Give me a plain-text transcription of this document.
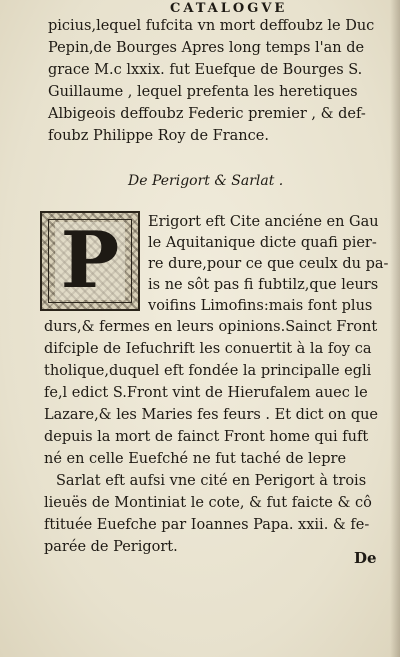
CATALOGVE
picius,lequel fufcita vn mort deffoubz le Duc
Pepin,de Bourges Apres long temps l'an de
grace M.c lxxix. fut Euefque de Bourges S.
Guillaume , lequel prefenta les heretiques
Albigeois deffoubz Federic premier , & def-
foubz Philippe Roy de France.
De Perigort & Sarlat .
P	Erigort eft Cite anciéne en Gau
le Aquitanique dicte quafi pier-
re dure,pour ce que ceulx du pa-
is ne sôt pas fi fubtilz,que leurs
voifins Limofins:mais font plus
durs,& fermes en leurs opinions.Sainct Front
difciple de Iefuchrift les conuertit à la foy ca
tholique,duquel eft fondée la principalle egli
fe,l edict S.Front vint de Hierufalem auec le
Lazare,& les Maries fes feurs . Et dict on que
depuis la mort de fainct Front home qui fuft
né en celle Euefché ne fut taché de lepre
Sarlat eft aufsi vne cité en Perigort à trois
lieuës de Montiniat le cote, & fut faicte & cô
ftituée Euefche par Ioannes Papa. xxii. & fe-
parée de Perigort.
De
